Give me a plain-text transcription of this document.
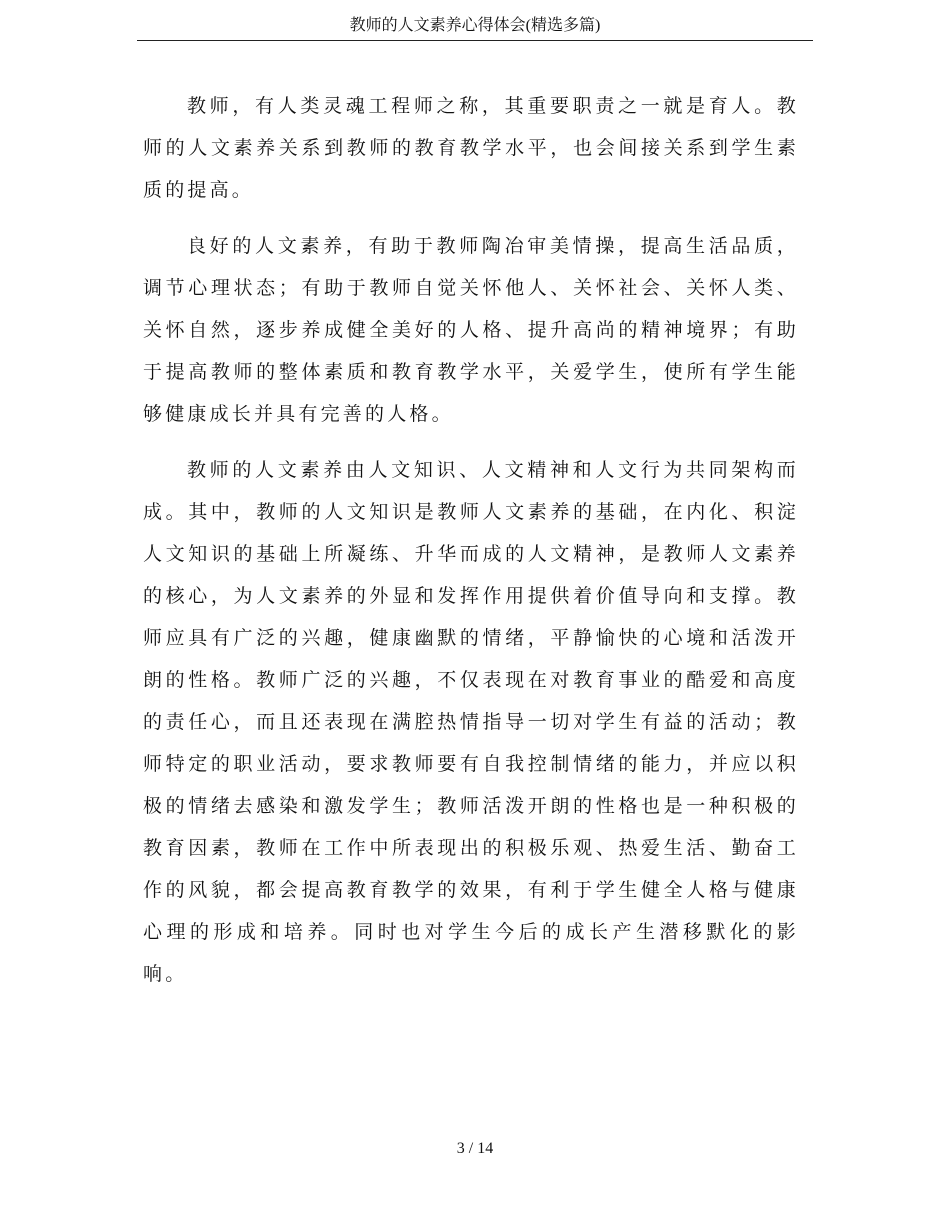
教师的人文素养心得体会(精选多篇)

教师，有人类灵魂工程师之称，其重要职责之一就是育人。教师的人文素养关系到教师的教育教学水平，也会间接关系到学生素质的提高。

良好的人文素养，有助于教师陶冶审美情操，提高生活品质，调节心理状态；有助于教师自觉关怀他人、关怀社会、关怀人类、关怀自然，逐步养成健全美好的人格、提升高尚的精神境界；有助于提高教师的整体素质和教育教学水平，关爱学生，使所有学生能够健康成长并具有完善的人格。

教师的人文素养由人文知识、人文精神和人文行为共同架构而成。其中，教师的人文知识是教师人文素养的基础，在内化、积淀人文知识的基础上所凝练、升华而成的人文精神，是教师人文素养的核心，为人文素养的外显和发挥作用提供着价值导向和支撑。教师应具有广泛的兴趣，健康幽默的情绪，平静愉快的心境和活泼开朗的性格。教师广泛的兴趣，不仅表现在对教育事业的酷爱和高度的责任心，而且还表现在满腔热情指导一切对学生有益的活动；教师特定的职业活动，要求教师要有自我控制情绪的能力，并应以积极的情绪去感染和激发学生；教师活泼开朗的性格也是一种积极的教育因素，教师在工作中所表现出的积极乐观、热爱生活、勤奋工作的风貌，都会提高教育教学的效果，有利于学生健全人格与健康心理的形成和培养。同时也对学生今后的成长产生潜移默化的影响。

3 / 14
